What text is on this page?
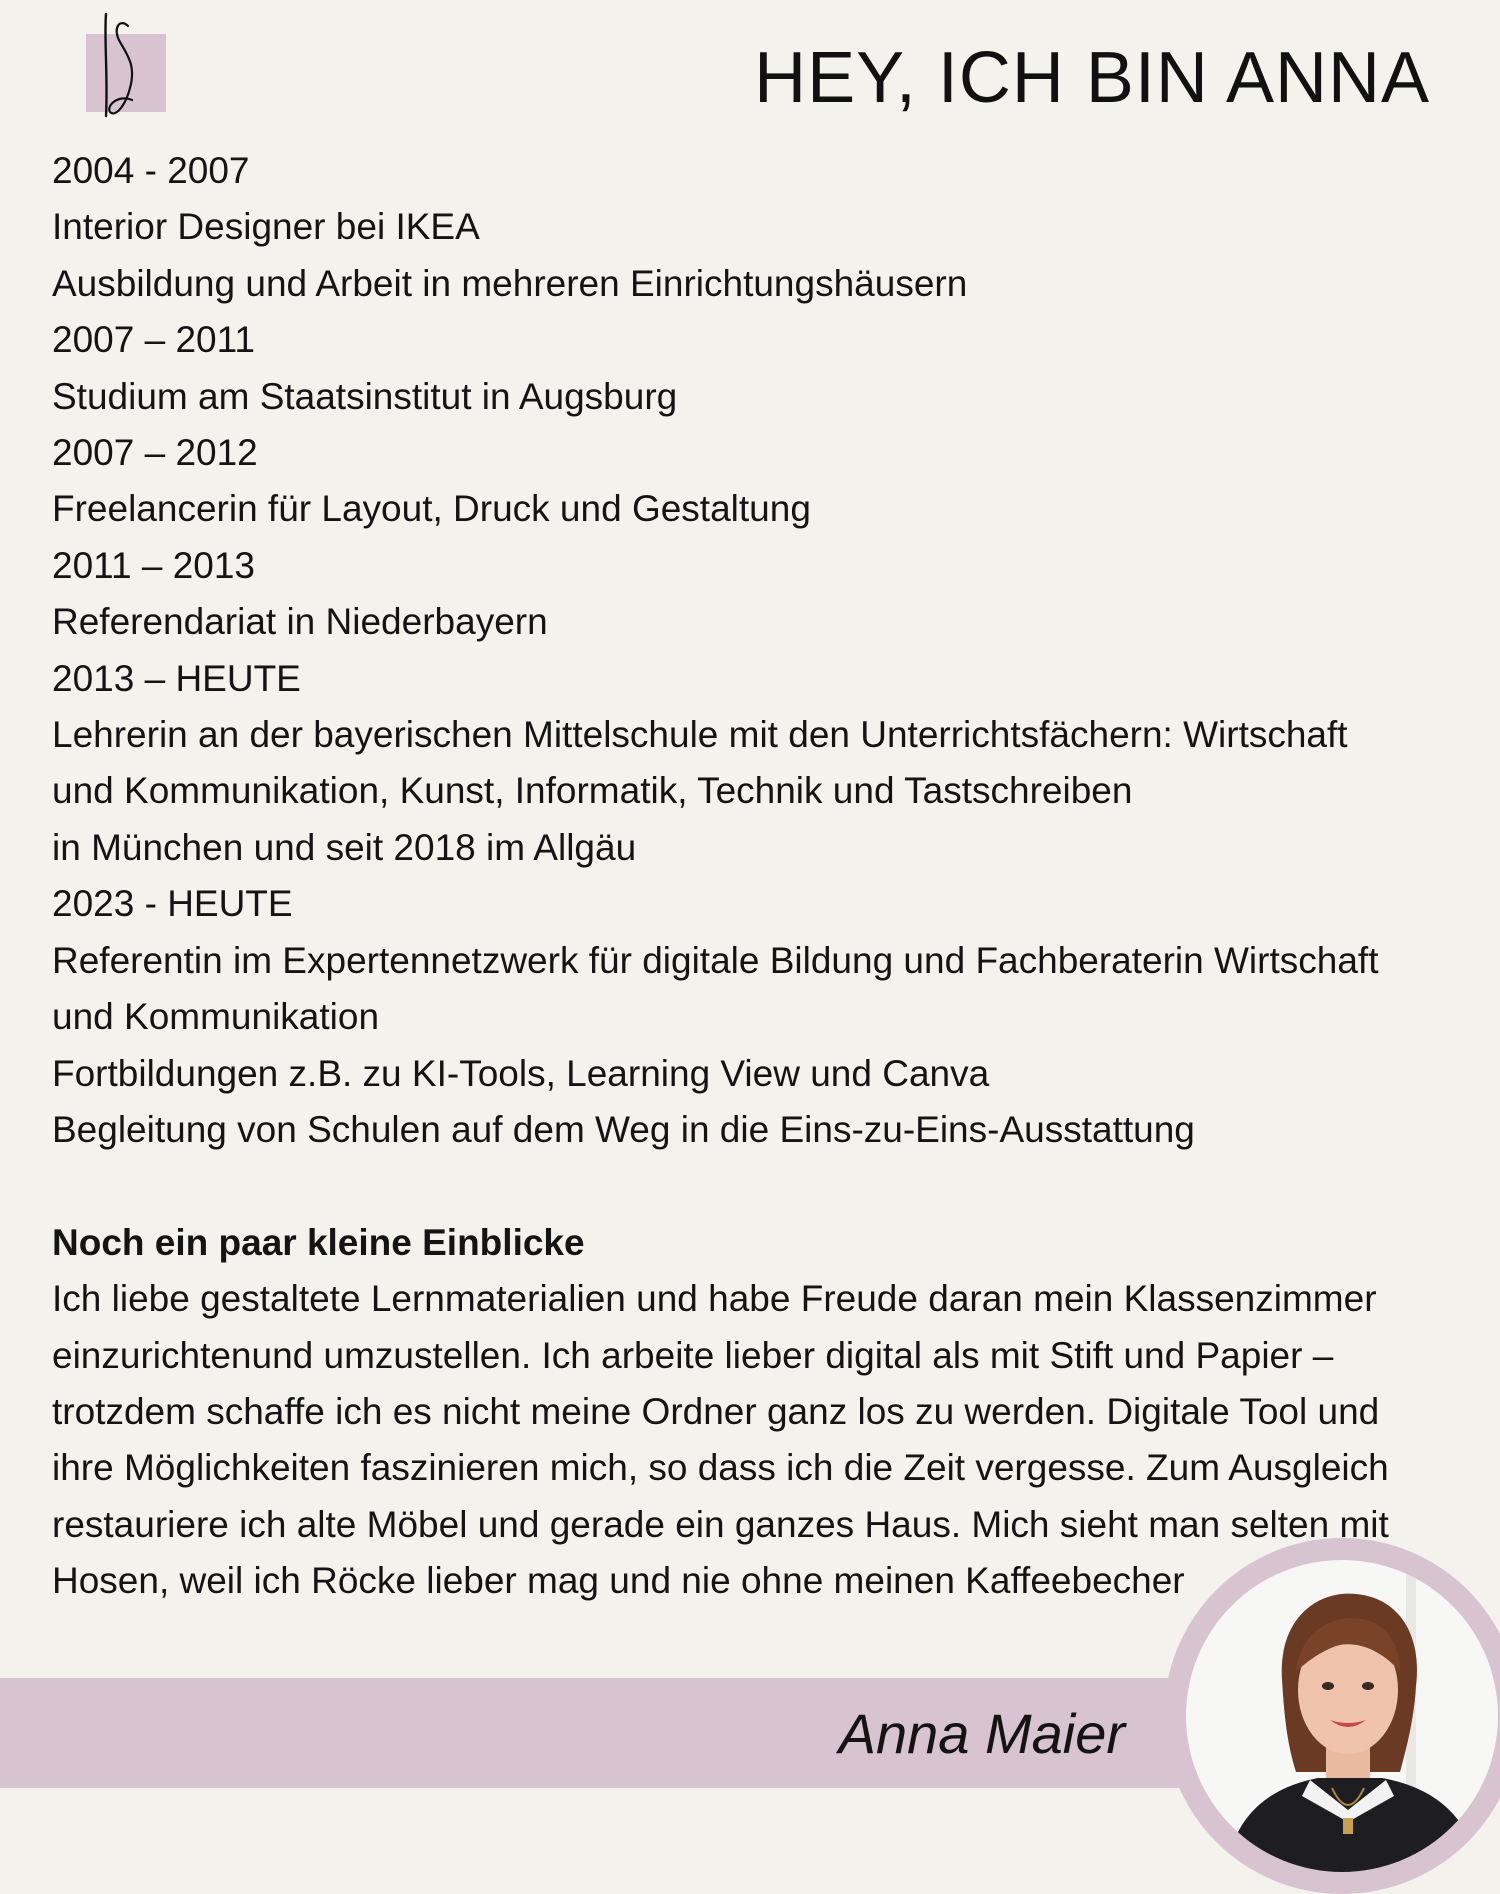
HEY, ICH BIN ANNA
2004 - 2007
Interior Designer bei IKEA
Ausbildung und Arbeit in mehreren Einrichtungshäusern
2007 – 2011
Studium am Staatsinstitut in Augsburg
2007 – 2012
Freelancerin für Layout, Druck und Gestaltung
2011 – 2013
Referendariat in Niederbayern
2013 – HEUTE
Lehrerin an der bayerischen Mittelschule mit den Unterrichtsfächern: Wirtschaft
und Kommunikation, Kunst, Informatik, Technik und Tastschreiben
in München und seit 2018 im Allgäu
2023 - HEUTE
Referentin im Expertennetzwerk für digitale Bildung und Fachberaterin Wirtschaft
und Kommunikation
Fortbildungen z.B. zu KI-Tools, Learning View und Canva
Begleitung von Schulen auf dem Weg in die Eins-zu-Eins-Ausstattung
Noch ein paar kleine Einblicke
Ich liebe gestaltete Lernmaterialien und habe Freude daran mein Klassenzimmer
einzurichtenund umzustellen. Ich arbeite lieber digital als mit Stift und Papier –
trotzdem schaffe ich es nicht meine Ordner ganz los zu werden. Digitale Tool und
ihre Möglichkeiten faszinieren mich, so dass ich die Zeit vergesse. Zum Ausgleich
restauriere ich alte Möbel und gerade ein ganzes Haus. Mich sieht man selten mit
Hosen, weil ich Röcke lieber mag und nie ohne meinen Kaffeebecher
Anna Maier
